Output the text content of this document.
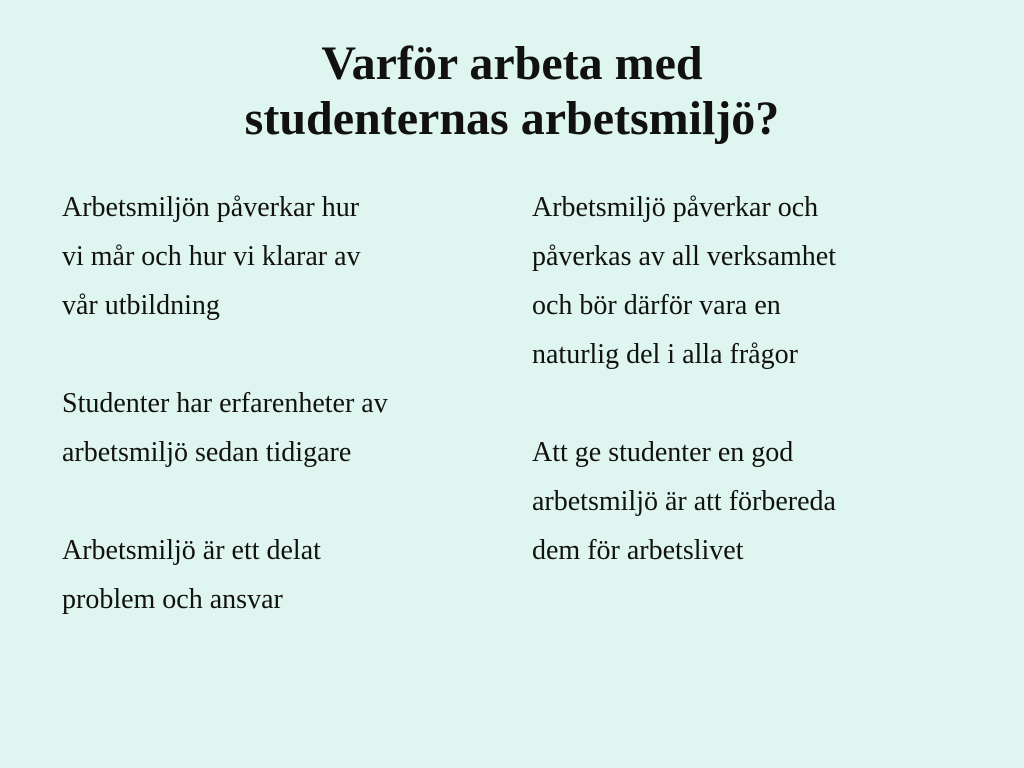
Varför arbeta med
studenternas arbetsmiljö?
Arbetsmiljön påverkar hur
vi mår och hur vi klarar av
vår utbildning
Studenter har erfarenheter av
arbetsmiljö sedan tidigare
Arbetsmiljö är ett delat
problem och ansvar
Arbetsmiljö påverkar och
påverkas av all verksamhet
och bör därför vara en
naturlig del i alla frågor
Att ge studenter en god
arbetsmiljö är att förbereda
dem för arbetslivet
